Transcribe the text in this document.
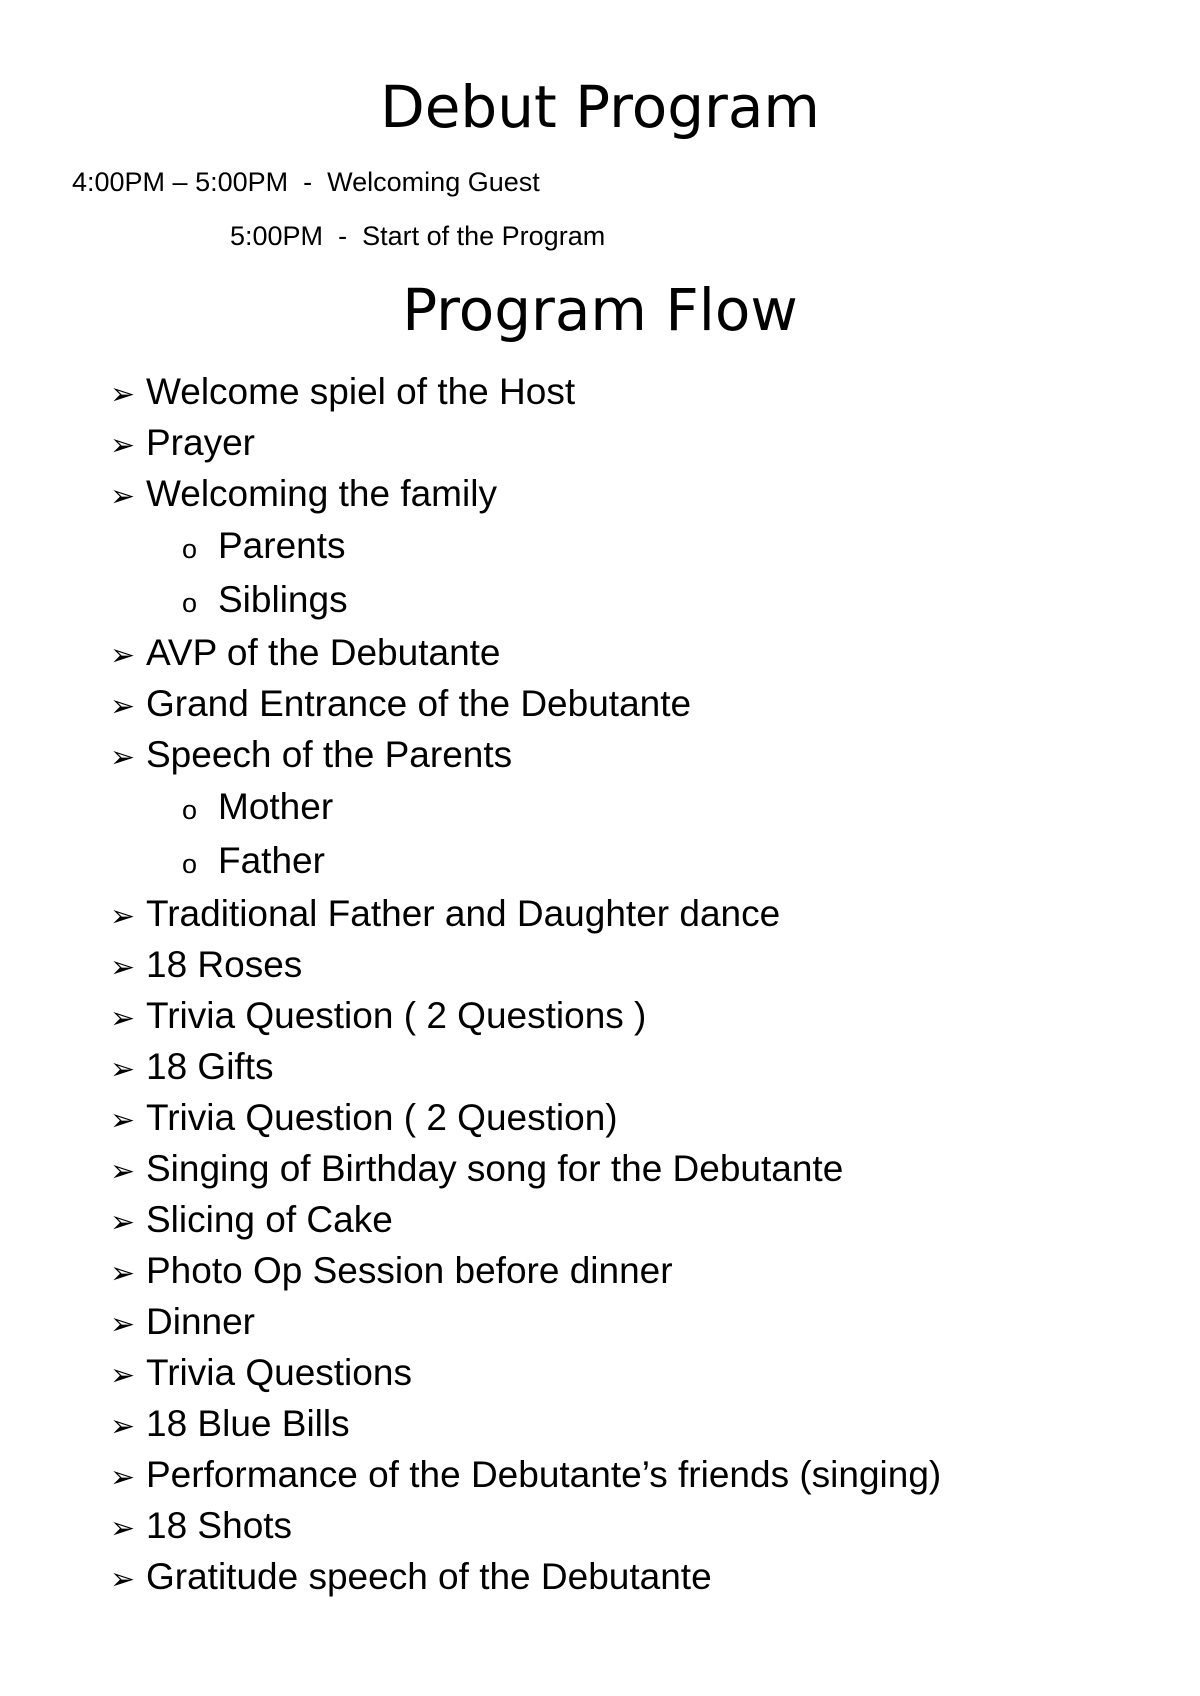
Debut Program
4:00PM – 5:00PM - Welcoming Guest
5:00PM - Start of the Program
Program Flow
➢ Welcome spiel of the Host
➢ Prayer
➢ Welcoming the family
o Parents
o Siblings
➢ AVP of the Debutante
➢ Grand Entrance of the Debutante
➢ Speech of the Parents
o Mother
o Father
➢ Traditional Father and Daughter dance
➢ 18 Roses
➢ Trivia Question ( 2 Questions )
➢ 18 Gifts
➢ Trivia Question ( 2 Question)
➢ Singing of Birthday song for the Debutante
➢ Slicing of Cake
➢ Photo Op Session before dinner
➢ Dinner
➢ Trivia Questions
➢ 18 Blue Bills
➢ Performance of the Debutante’s friends (singing)
➢ 18 Shots
➢ Gratitude speech of the Debutante
